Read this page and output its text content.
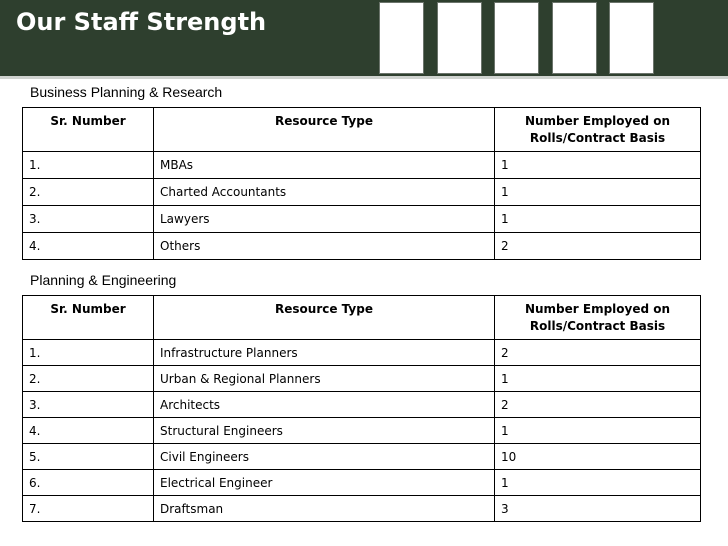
Our Staff Strength
Business Planning & Research
Sr. Number	Resource Type	Number Employed on Rolls/Contract Basis
1.	MBAs	1
2.	Charted Accountants	1
3.	Lawyers	1
4.	Others	2
Planning & Engineering
Sr. Number	Resource Type	Number Employed on Rolls/Contract Basis
1.	Infrastructure Planners	2
2.	Urban & Regional Planners	1
3.	Architects	2
4.	Structural Engineers	1
5.	Civil Engineers	10
6.	Electrical Engineer	1
7.	Draftsman	3
